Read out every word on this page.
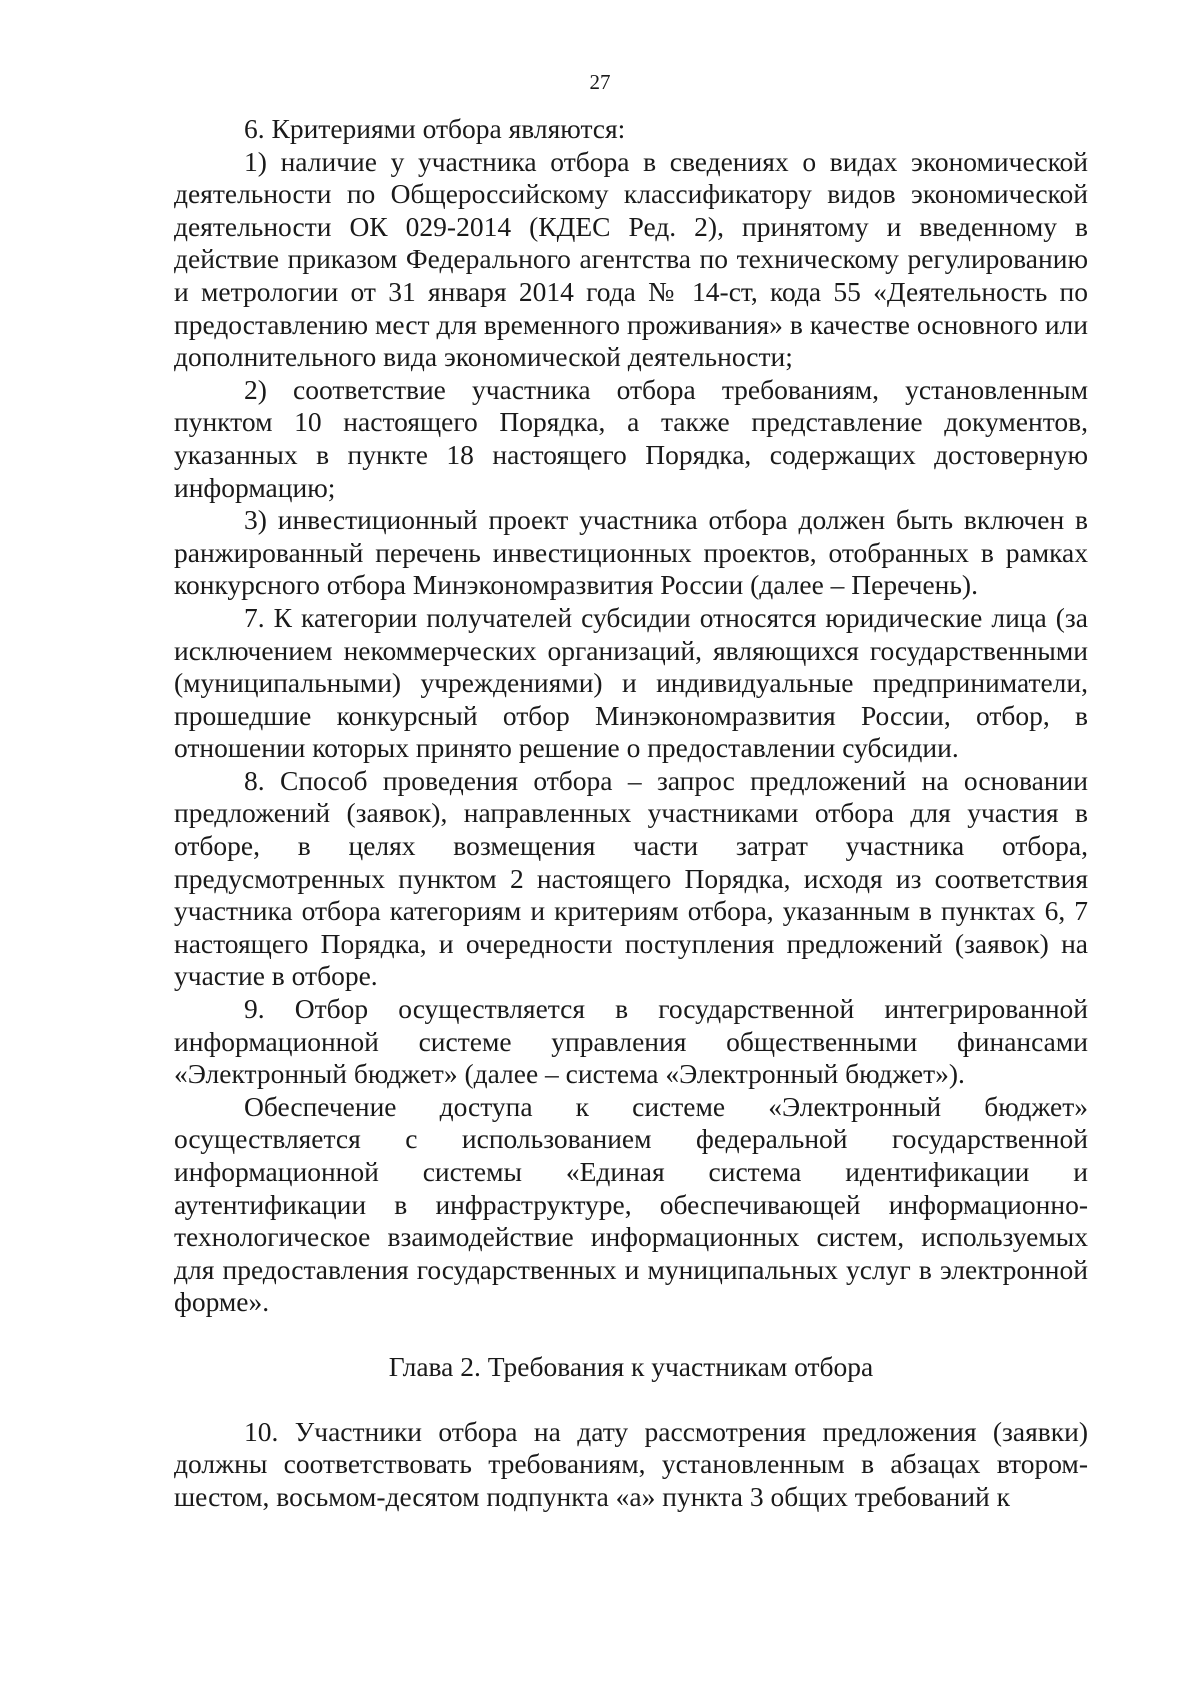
27

6. Критериями отбора являются:

1) наличие у участника отбора в сведениях о видах экономической деятельности по Общероссийскому классификатору видов экономической деятельности ОК 029-2014 (КДЕС Ред. 2), принятому и введенному в действие приказом Федерального агентства по техническому регулированию и метрологии от 31 января 2014 года № 14-ст, кода 55 «Деятельность по предоставлению мест для временного проживания» в качестве основного или дополнительного вида экономической деятельности;

2) соответствие участника отбора требованиям, установленным пунктом 10 настоящего Порядка, а также представление документов, указанных в пункте 18 настоящего Порядка, содержащих достоверную информацию;

3) инвестиционный проект участника отбора должен быть включен в ранжированный перечень инвестиционных проектов, отобранных в рамках конкурсного отбора Минэкономразвития России (далее – Перечень).

7. К категории получателей субсидии относятся юридические лица (за исключением некоммерческих организаций, являющихся государственными (муниципальными) учреждениями) и индивидуальные предприниматели, прошедшие конкурсный отбор Минэкономразвития России, отбор, в отношении которых принято решение о предоставлении субсидии.

8. Способ проведения отбора – запрос предложений на основании предложений (заявок), направленных участниками отбора для участия в отборе, в целях возмещения части затрат участника отбора, предусмотренных пунктом 2 настоящего Порядка, исходя из соответствия участника отбора категориям и критериям отбора, указанным в пунктах 6, 7 настоящего Порядка, и очередности поступления предложений (заявок) на участие в отборе.

9. Отбор осуществляется в государственной интегрированной информационной системе управления общественными финансами «Электронный бюджет» (далее – система «Электронный бюджет»).

Обеспечение доступа к системе «Электронный бюджет» осуществляется с использованием федеральной государственной информационной системы «Единая система идентификации и аутентификации в инфраструктуре, обеспечивающей информационно-технологическое взаимодействие информационных систем, используемых для предоставления государственных и муниципальных услуг в электронной форме».

Глава 2. Требования к участникам отбора

10. Участники отбора на дату рассмотрения предложения (заявки) должны соответствовать требованиям, установленным в абзацах втором-шестом, восьмом-десятом подпункта «а» пункта 3 общих требований к
